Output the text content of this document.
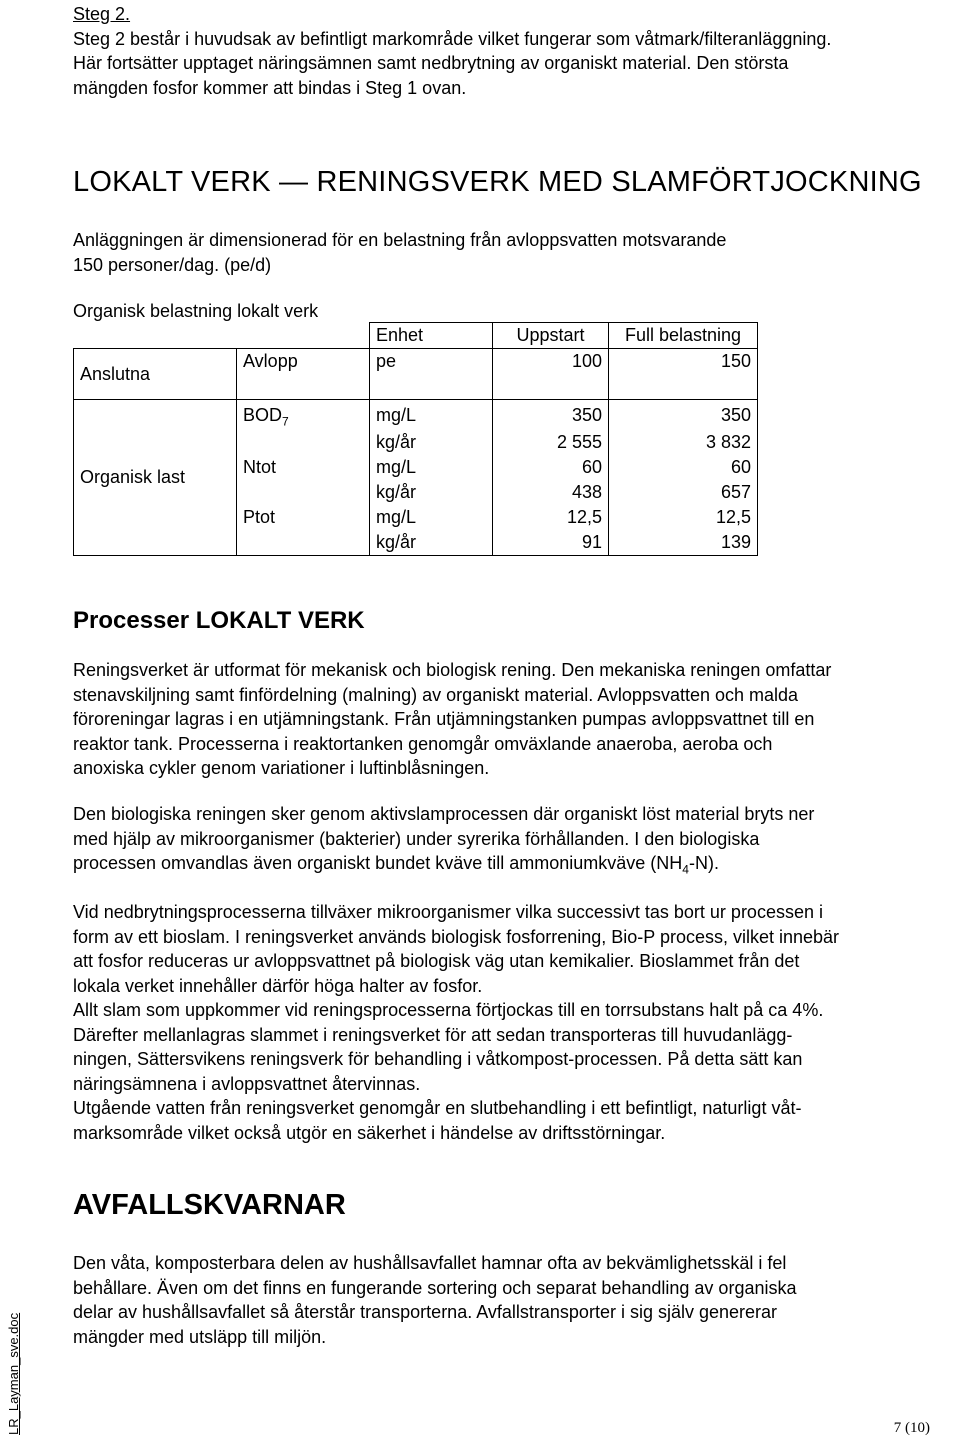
Steg 2.
Steg 2 består i huvudsak av befintligt markområde vilket fungerar som våtmark/filteranläggning.
Här fortsätter upptaget näringsämnen samt nedbrytning av organiskt material. Den största
mängden fosfor kommer att bindas i Steg 1 ovan.
LOKALT VERK — RENINGSVERK MED SLAMFÖRTJOCKNING
Anläggningen är dimensionerad för en belastning från avloppsvatten motsvarande
150 personer/dag. (pe/d)
Organisk belastning lokalt verk
		Enhet	Uppstart	Full belastning
Anslutna	Avlopp	pe	100	150

Organisk last	$BOD_7$	mg/L	350	350
		kg/år	2 555	3 832
	Ntot	mg/L	60	60
		kg/år	438	657
	Ptot	mg/L	12,5	12,5
		kg/år	91	139
Processer LOKALT VERK
Reningsverket är utformat för mekanisk och biologisk rening. Den mekaniska reningen omfattar
stenavskiljning samt finfördelning (malning) av organiskt material. Avloppsvatten och malda
föroreningar lagras i en utjämningstank. Från utjämningstanken pumpas avloppsvattnet till en
reaktor tank. Processerna i reaktortanken genomgår omväxlande anaeroba, aeroba och
anoxiska cykler genom variationer i luftinblåsningen.
Den biologiska reningen sker genom aktivslamprocessen där organiskt löst material bryts ner
med hjälp av mikroorganismer (bakterier) under syrerika förhållanden. I den biologiska
processen omvandlas även organiskt bundet kväve till ammoniumkväve $(NH_4-N)$.
Vid nedbrytningsprocesserna tillväxer mikroorganismer vilka successivt tas bort ur processen i
form av ett bioslam. I reningsverket används biologisk fosforrening, Bio-P process, vilket innebär
att fosfor reduceras ur avloppsvattnet på biologisk väg utan kemikalier. Bioslammet från det
lokala verket innehåller därför höga halter av fosfor.
Allt slam som uppkommer vid reningsprocesserna förtjockas till en torrsubstans halt på ca 4%.
Därefter mellanlagras slammet i reningsverket för att sedan transporteras till huvudanlägg-
ningen, Sättersvikens reningsverk för behandling i våtkompost-processen. På detta sätt kan
näringsämnena i avloppsvattnet återvinnas.
Utgående vatten från reningsverket genomgår en slutbehandling i ett befintligt, naturligt våt-
marksområde vilket också utgör en säkerhet i händelse av driftsstörningar.
AVFALLSKVARNAR
Den våta, komposterbara delen av hushållsavfallet hamnar ofta av bekvämlighetsskäl i fel
behållare. Även om det finns en fungerande sortering och separat behandling av organiska
delar av hushållsavfallet så återstår transporterna. Avfallstransporter i sig själv genererar
mängder med utsläpp till miljön.
LR_Layman_sve.doc	7 (10)
